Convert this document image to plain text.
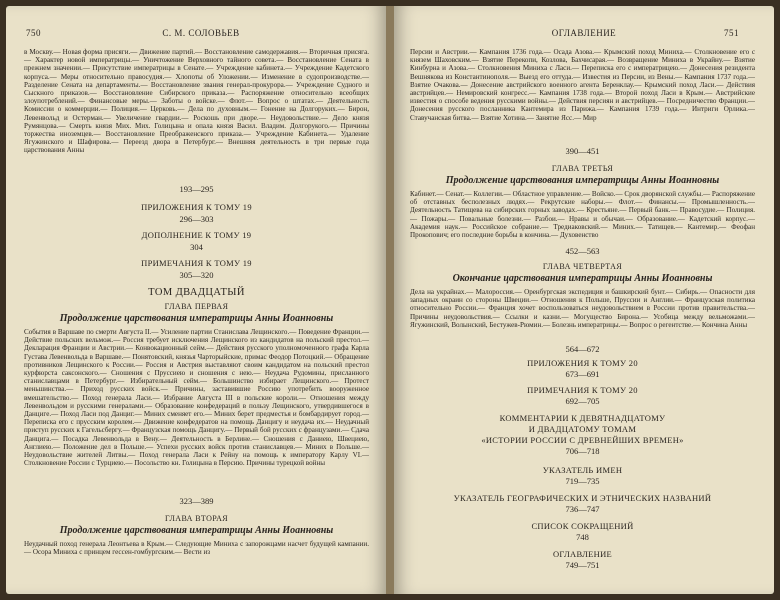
750	С. М. СОЛОВЬЕВ
в Москву.— Новая форма присяги.— Движение партий.— Восстановление самодержавия.— Вторичная присяга.— Характер новой императрицы.— Уничтожение Верховного тайного совета.— Восстановление Сената в прежнем значении.— Присутствие императрицы в Сенате.— Учреждение кабинета.— Учреждение Кадетского корпуса.— Меры относительно правосудия.— Хлопоты об Уложении.— Изменение в судопроизводстве.— Разделение Сената на департаменты.— Восстановление звания генерал-прокурора.— Учреждение Судного и Сыскного приказов.— Восстановление Сибирского приказа.— Распоряжение относительно всеобщих злоупотреблений.— Финансовые меры.— Заботы о войске.— Флот.— Вопрос о штатах.— Деятельность Комиссии о коммерции.— Полиция.— Церковь.— Дела по духовным.— Гонение на Долгоруких.— Бирон, Левенвольд и Остерман.— Увеличение гвардии.— Роскошь при дворе.— Неудовольствие.— Дело князя Румянцова.— Смерть князя Мих. Мих. Голицына и опала князя Васил. Владим. Долгорукого.— Причины торжества иноземцев.— Восстановление Преображенского приказа.— Учреждение Кабинета.— Удаление Ягужинского и Шафирова.— Переезд двора в Петербург.— Внешняя деятельность в три первые года царствования Анны
193—295
ПРИЛОЖЕНИЯ К ТОМУ 19
296—303
ДОПОЛНЕНИЕ К ТОМУ 19
304
ПРИМЕЧАНИЯ К ТОМУ 19
305—320
ТОМ ДВАДЦАТЫЙ
ГЛАВА ПЕРВАЯ
Продолжение царствования императрицы Анны Иоанновны
События в Варшаве по смерти Августа II.— Усиление партии Станислава Лещинского.— Поведение Франции.— Действие польских вельмож.— Россия требует исключения Лещинского из кандидатов на польский престол.— Декларация Франции и Австрии.— Конвокационный сейм.— Действия русского уполномоченного графа Карла Густава Левенвольда в Варшаве.— Понятовский, князья Чарторыйские, примас Феодор Потоцкий.— Обращение противников Лещинского к России.— Россия и Австрия выставляют своим кандидатом на польский престол курфюрста саксонского.— Сношения с Пруссиею и сношения с нею.— Неудача Рудомины, присланного станиславцами в Петербург.— Избирательный сейм.— Большинство избирает Лещинского.— Протест меньшинства.— Приход русских войск.— Причины, заставившие Россию употребить вооруженное вмешательство.— Поход генерала Ласи.— Избрание Августа III в польские короли.— Отношения между Левенвольдом и русскими генералами.— Образование конфедераций в пользу Лещинского, утвердившегося в Данциге.— Поход Ласи под Данциг.— Миних сменяет его.— Миних берет предместья и бомбардирует город.— Переписка его с прусским королем.— Движение конфедератов на помощь Данцигу и неудача их.— Неудачный приступ русских к Гагельсбергу.— Французская помощь Данцигу.— Первый бой русских с французами.— Сдача Данцига.— Посадка Левенвольда в Вену.— Деятельность в Берлине.— Сношения с Даниею, Швециею, Англиею.— Положение дел в Польше.— Успехи русских войск против станиславцев.— Миних в Польше.— Неудовольствие жителей Литвы.— Поход генерала Ласи к Рейну на помощь к императору Карлу VI.— Столкновение России с Турциею.— Посольство кн. Голицына в Персию. Причины турецкой войны
323—389
ГЛАВА ВТОРАЯ
Продолжение царствования императрицы Анны Иоанновны
Неудачный поход генерала Леонтьева в Крым.— Следующие Миниха с запорожцами насчет будущей кампании.— Осора Миниха с принцем гессен-гомбургским.— Вести из
ОГЛАВЛЕНИЕ	751
Персии и Австрии.— Кампания 1736 года.— Осада Азова.— Крымский поход Миниха.— Столкновение его с князем Шаховским.— Взятие Перекопи, Козлова, Бахчисарая.— Возвращение Миниха в Украйну.— Взятие Кинбурна и Азова.— Столкновения Миниха с Ласи.— Переписка его с императрицею.— Донесения резидента Вешнякова из Константинополя.— Выезд его оттуда.— Известия из Персии, из Вены.— Кампания 1737 года.— Взятие Очакова.— Донесение австрийского военного агента Беренклау.— Крымский поход Ласи.— Действия австрийцев.— Немировский конгресс.— Кампания 1738 года.— Второй поход Ласи в Крым.— Австрийские известия о способе ведения русскими войны.— Действия персиян и австрийцев.— Посредничество Франции.— Донесения русского посланника Кантемира из Парижа.— Кампания 1739 года.— Интриги Орлика.— Ставучанская битва.— Взятие Хотина.— Занятие Ясс.— Мир
390—451
ГЛАВА ТРЕТЬЯ
Продолжение царствования императрицы Анны Иоанновны
Кабинет.— Сенат.— Коллегии.— Областное управление.— Войско.— Срок дворянской службы.— Распоряжение об отставных бесполезных людях.— Рекрутские наборы.— Флот.— Финансы.— Промышленность.— Деятельность Татищева на сибирских горных заводах.— Крестьяне.— Первый банк.— Правосудие.— Полиция.— Пожары.— Повальные болезни.— Разбои.— Нравы и обычаи.— Образование.— Кадетский корпус.— Академия наук.— Российское собрание.— Тредиаковский.— Миних.— Татищев.— Кантемир.— Феофан Прокопович; его последние борьбы в кончина.— Духовенство
452—563
ГЛАВА ЧЕТВЕРТАЯ
Окончание царствования императрицы Анны Иоанновны
Дела на украйнах.— Малороссия.— Оренбургская экспедиция и башкирский бунт.— Сибирь.— Опасности для западных окраин со стороны Швеции.— Отношения к Польше, Пруссии и Англии.— Французская политика относительно России.— Франция хочет воспользоваться неудовольствием в России против правительства.— Причины неудовольствия.— Ссылки и казни.— Могущество Бирона.— Усобица между вельможами.— Ягужинский, Волынский, Бестужев-Рюмин.— Болезнь императрицы.— Вопрос о регентстве.— Кончина Анны
564—672
ПРИЛОЖЕНИЯ К ТОМУ 20
673—691
ПРИМЕЧАНИЯ К ТОМУ 20
692—705
КОММЕНТАРИИ К ДЕВЯТНАДЦАТОМУ
И ДВАДЦАТОМУ ТОМАМ
«ИСТОРИИ РОССИИ С ДРЕВНЕЙШИХ ВРЕМЕН»
706—718
УКАЗАТЕЛЬ ИМЕН
719—735
УКАЗАТЕЛЬ ГЕОГРАФИЧЕСКИХ И ЭТНИЧЕСКИХ НАЗВАНИЙ
736—747
СПИСОК СОКРАЩЕНИЙ
748
ОГЛАВЛЕНИЕ
749—751
